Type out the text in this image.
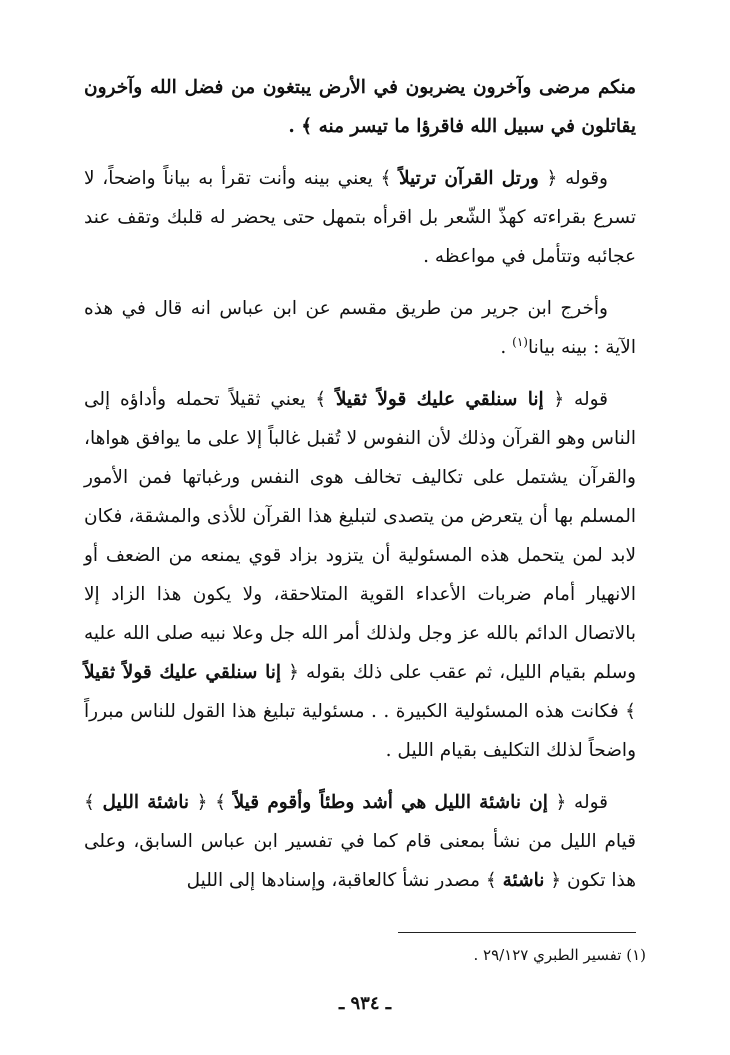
منكم مرضى وآخرون يضربون في الأرض يبتغون من فضل الله وآخرون يقاتلون في سبيل الله فاقرؤا ما تيسر منه ﴾ .

وقوله ﴿ ورتل القرآن ترتيلاً ﴾ يعني بينه وأنت تقرأ به بياناً واضحاً، لا تسرع بقراءته كهذّ الشّعر بل اقرأه بتمهل حتى يحضر له قلبك وتقف عند عجائبه وتتأمل في مواعظه .

وأخرج ابن جرير من طريق مقسم عن ابن عباس انه قال في هذه الآية : بينه بيانا$^{(١)}$ .

قوله ﴿ إنا سنلقي عليك قولاً ثقيلاً ﴾ يعني ثقيلاً تحمله وأداؤه إلى الناس وهو القرآن وذلك لأن النفوس لا تُقبل غالباً إلا على ما يوافق هواها، والقرآن يشتمل على تكاليف تخالف هوى النفس ورغباتها فمن الأمور المسلم بها أن يتعرض من يتصدى لتبليغ هذا القرآن للأذى والمشقة، فكان لابد لمن يتحمل هذه المسئولية أن يتزود بزاد قوي يمنعه من الضعف أو الانهيار أمام ضربات الأعداء القوية المتلاحقة، ولا يكون هذا الزاد إلا بالاتصال الدائم بالله عز وجل ولذلك أمر الله جل وعلا نبيه صلى الله عليه وسلم بقيام الليل، ثم عقب على ذلك بقوله ﴿ إنا سنلقي عليك قولاً ثقيلاً ﴾ فكانت هذه المسئولية الكبيرة . . مسئولية تبليغ هذا القول للناس مبرراً واضحاً لذلك التكليف بقيام الليل .

قوله ﴿ إن ناشئة الليل هي أشد وطئاً وأقوم قيلاً ﴾ ﴿ ناشئة الليل ﴾ قيام الليل من نشأ بمعنى قام كما في تفسير ابن عباس السابق، وعلى هذا تكون ﴿ ناشئة ﴾ مصدر نشأ كالعاقبة، وإسنادها إلى الليل

(١) تفسير الطبري ٢٩/١٢٧ .
ـ ٩٣٤ ـ
